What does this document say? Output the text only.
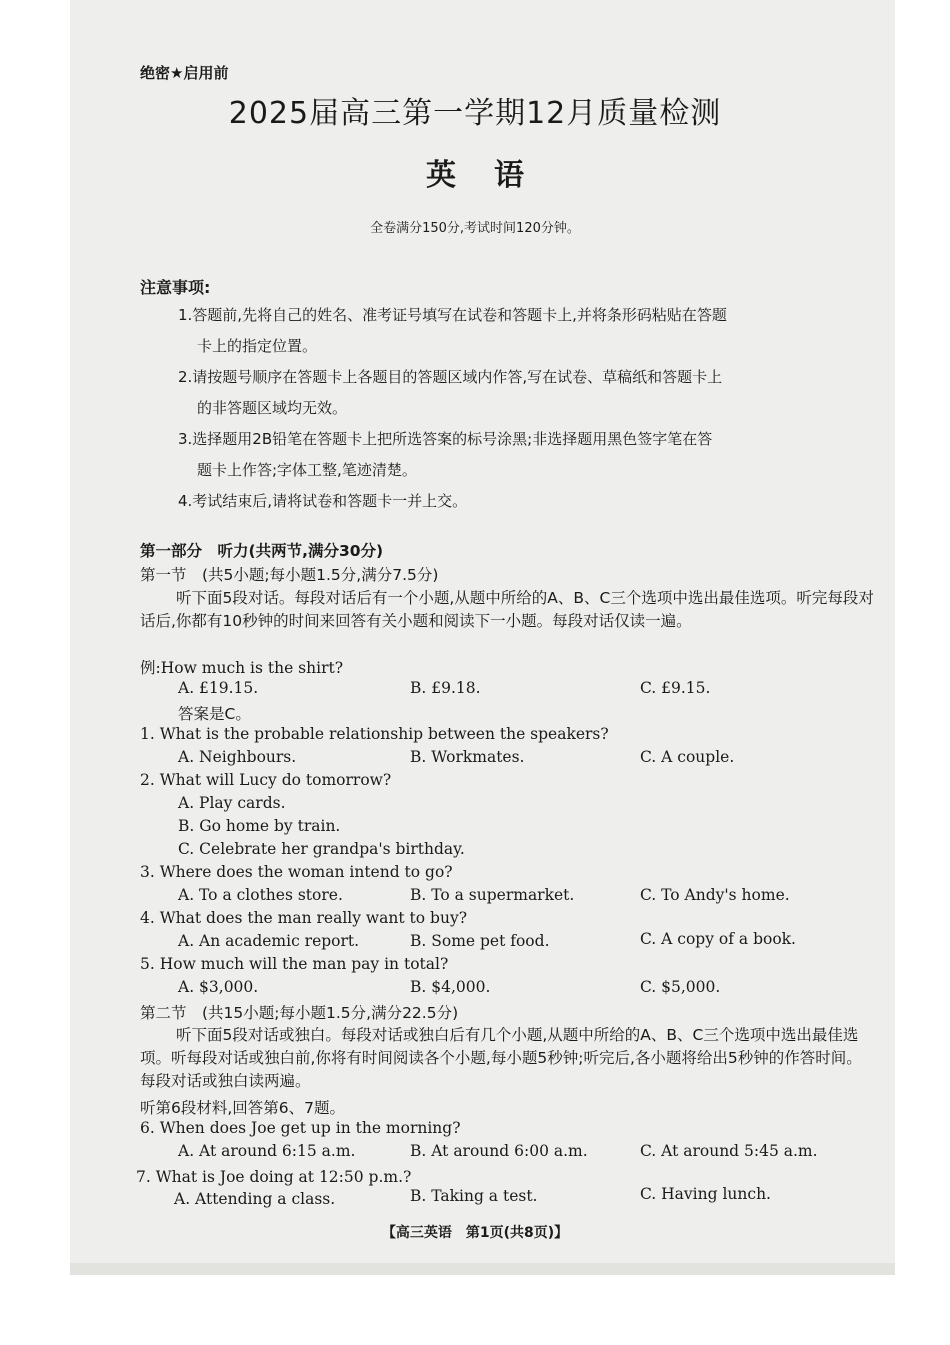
绝密★启用前
2025届高三第一学期12月质量检测
英语
全卷满分150分,考试时间120分钟。
注意事项:
1.答题前,先将自己的姓名、准考证号填写在试卷和答题卡上,并将条形码粘贴在答题
卡上的指定位置。
2.请按题号顺序在答题卡上各题目的答题区域内作答,写在试卷、草稿纸和答题卡上
的非答题区域均无效。
3.选择题用2B铅笔在答题卡上把所选答案的标号涂黑;非选择题用黑色签字笔在答
题卡上作答;字体工整,笔迹清楚。
4.考试结束后,请将试卷和答题卡一并上交。
第一部分　听力(共两节,满分30分)
第一节　(共5小题;每小题1.5分,满分7.5分)
听下面5段对话。每段对话后有一个小题,从题中所给的A、B、C三个选项中选出最佳选项。听完每段对话后,你都有10秒钟的时间来回答有关小题和阅读下一小题。每段对话仅读一遍。
例:How much is the shirt?
A. £19.15.	B. £9.18.	C. £9.15.
答案是C。
1. What is the probable relationship between the speakers?
A. Neighbours.	B. Workmates.	C. A couple.
2. What will Lucy do tomorrow?
A. Play cards.
B. Go home by train.
C. Celebrate her grandpa's birthday.
3. Where does the woman intend to go?
A. To a clothes store.	B. To a supermarket.	C. To Andy's home.
4. What does the man really want to buy?
A. An academic report.	B. Some pet food.	C. A copy of a book.
5. How much will the man pay in total?
A. $3,000.	B. $4,000.	C. $5,000.
第二节　(共15小题;每小题1.5分,满分22.5分)
听下面5段对话或独白。每段对话或独白后有几个小题,从题中所给的A、B、C三个选项中选出最佳选项。听每段对话或独白前,你将有时间阅读各个小题,每小题5秒钟;听完后,各小题将给出5秒钟的作答时间。每段对话或独白读两遍。
听第6段材料,回答第6、7题。
6. When does Joe get up in the morning?
A. At around 6:15 a.m.	B. At around 6:00 a.m.	C. At around 5:45 a.m.
7. What is Joe doing at 12:50 p.m.?
A. Attending a class.	B. Taking a test.	C. Having lunch.
【高三英语　第1页(共8页)】
